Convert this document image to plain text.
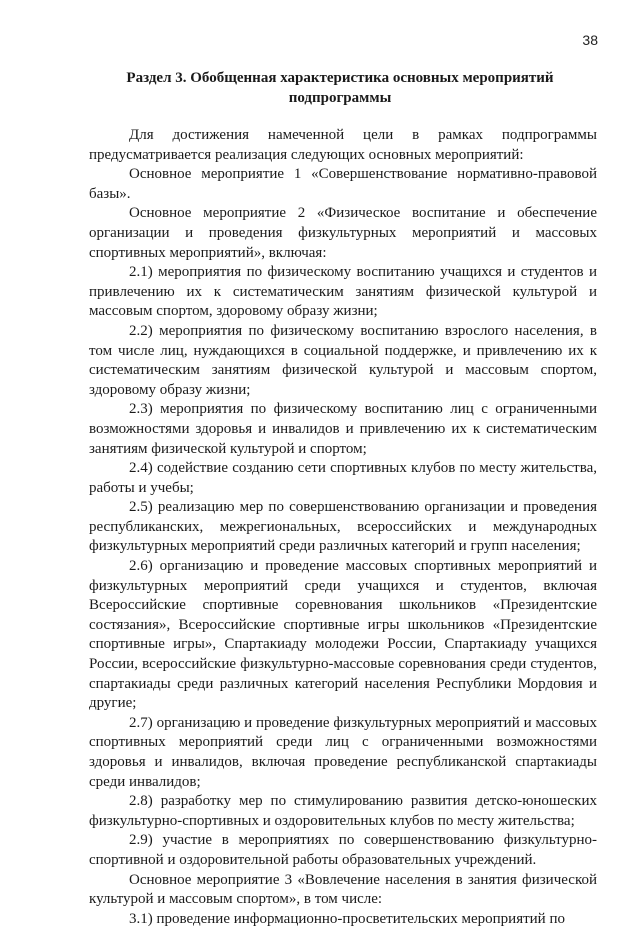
38
Раздел 3. Обобщенная характеристика основных мероприятий подпрограммы

Для достижения намеченной цели в рамках подпрограммы предусматривается реализация следующих основных мероприятий:

Основное мероприятие 1 «Совершенствование нормативно-правовой базы».

Основное мероприятие 2 «Физическое воспитание и обеспечение организации и проведения физкультурных мероприятий и массовых спортивных мероприятий», включая:

2.1) мероприятия по физическому воспитанию учащихся и студентов и привлечению их к систематическим занятиям физической культурой и массовым спортом, здоровому образу жизни;

2.2) мероприятия по физическому воспитанию взрослого населения, в том числе лиц, нуждающихся в социальной поддержке, и привлечению их к систематическим занятиям физической культурой и массовым спортом, здоровому образу жизни;

2.3) мероприятия по физическому воспитанию лиц с ограниченными возможностями здоровья и инвалидов и привлечению их к систематическим занятиям физической культурой и спортом;

2.4) содействие созданию сети спортивных клубов по месту жительства, работы и учебы;

2.5) реализацию мер по совершенствованию организации и проведения республиканских, межрегиональных, всероссийских и международных физкультурных мероприятий среди различных категорий и групп населения;

2.6) организацию и проведение массовых спортивных мероприятий и физкультурных мероприятий среди учащихся и студентов, включая Всероссийские спортивные соревнования школьников «Президентские состязания», Всероссийские спортивные игры школьников «Президентские спортивные игры», Спартакиаду молодежи России, Спартакиаду учащихся России, всероссийские физкультурно-массовые соревнования среди студентов, спартакиады среди различных категорий населения Республики Мордовия и другие;

2.7) организацию и проведение физкультурных мероприятий и массовых спортивных мероприятий среди лиц с ограниченными возможностями здоровья и инвалидов, включая проведение республиканской спартакиады среди инвалидов;

2.8) разработку мер по стимулированию развития детско-юношеских физкультурно-спортивных и оздоровительных клубов по месту жительства;

2.9) участие в мероприятиях по совершенствованию физкультурно-спортивной и оздоровительной работы образовательных учреждений.

Основное мероприятие 3 «Вовлечение населения в занятия физической культурой и массовым спортом», в том числе:

3.1) проведение информационно-просветительских мероприятий по
